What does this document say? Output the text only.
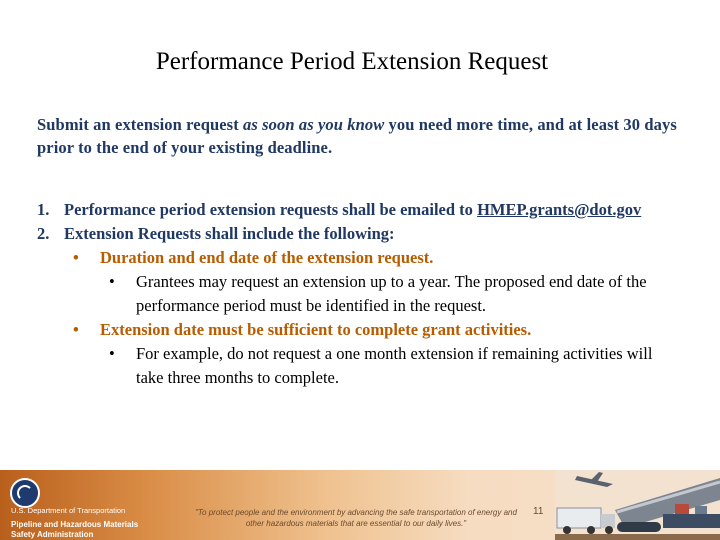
Performance Period Extension Request
Submit an extension request as soon as you know you need more time, and at least 30 days prior to the end of your existing deadline.
1. Performance period extension requests shall be emailed to HMEP.grants@dot.gov
2. Extension Requests shall include the following:
• Duration and end date of the extension request.
• Grantees may request an extension up to a year. The proposed end date of the performance period must be identified in the request.
• Extension date must be sufficient to complete grant activities.
• For example, do not request a one month extension if remaining activities will take three months to complete.
U.S. Department of Transportation
Pipeline and Hazardous Materials
Safety Administration
"To protect people and the environment by advancing the safe transportation of energy and other hazardous materials that are essential to our daily lives."
11
